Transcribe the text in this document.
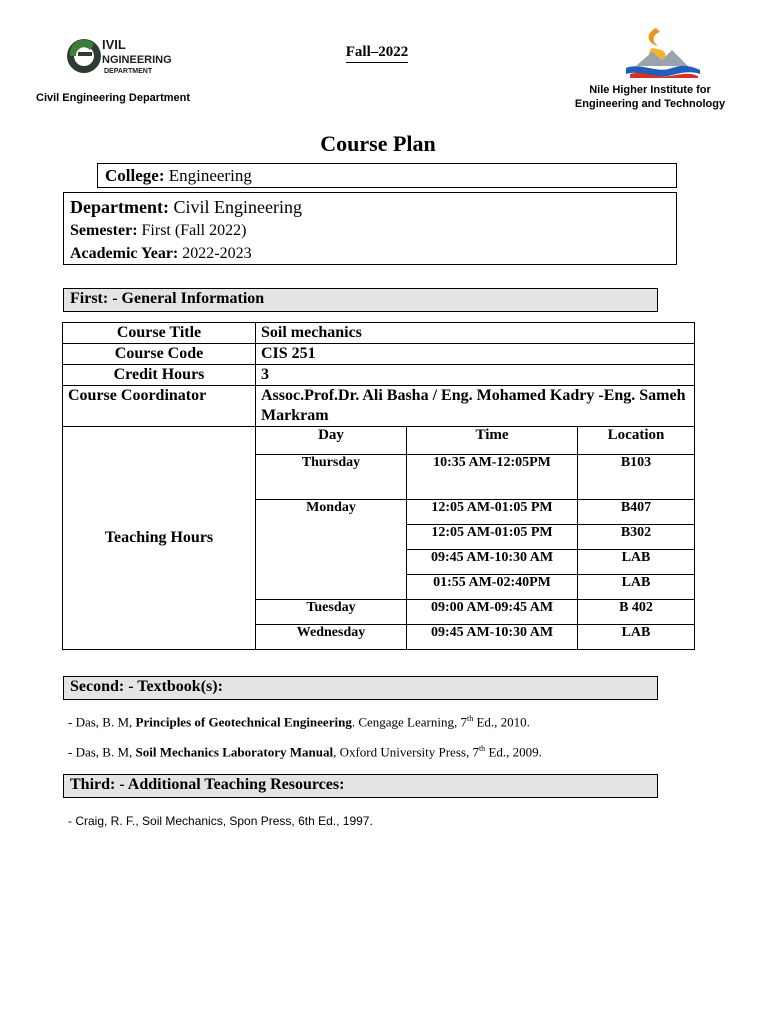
IVIL
NGINEERING
DEPARTMENT
Civil Engineering Department
Fall–2022
Nile Higher Institute for
Engineering and Technology
Course Plan
College: Engineering
Department: Civil Engineering
Semester: First (Fall 2022)
Academic Year: 2022-2023
First: - General Information
Course Title	Soil mechanics
Course Code	CIS 251
Credit Hours	3
Course Coordinator	Assoc.Prof.Dr. Ali Basha / Eng. Mohamed Kadry -Eng. Sameh Markram
Teaching Hours	
Day	Time	Location
Thursday	10:35 AM-12:05PM	B103
Monday	12:05 AM-01:05 PM	B407
12:05 AM-01:05 PM	B302
09:45 AM-10:30 AM	LAB
01:55 AM-02:40PM	LAB
Tuesday	09:00 AM-09:45 AM	B 402
Wednesday	09:45 AM-10:30 AM	LAB
Second: - Textbook(s):
- Das, B. M, Principles of Geotechnical Engineering. Cengage Learning, 7th Ed., 2010.
- Das, B. M, Soil Mechanics Laboratory Manual, Oxford University Press, 7th Ed., 2009.
Third: - Additional Teaching Resources:
- Craig, R. F., Soil Mechanics, Spon Press, 6th Ed., 1997.
